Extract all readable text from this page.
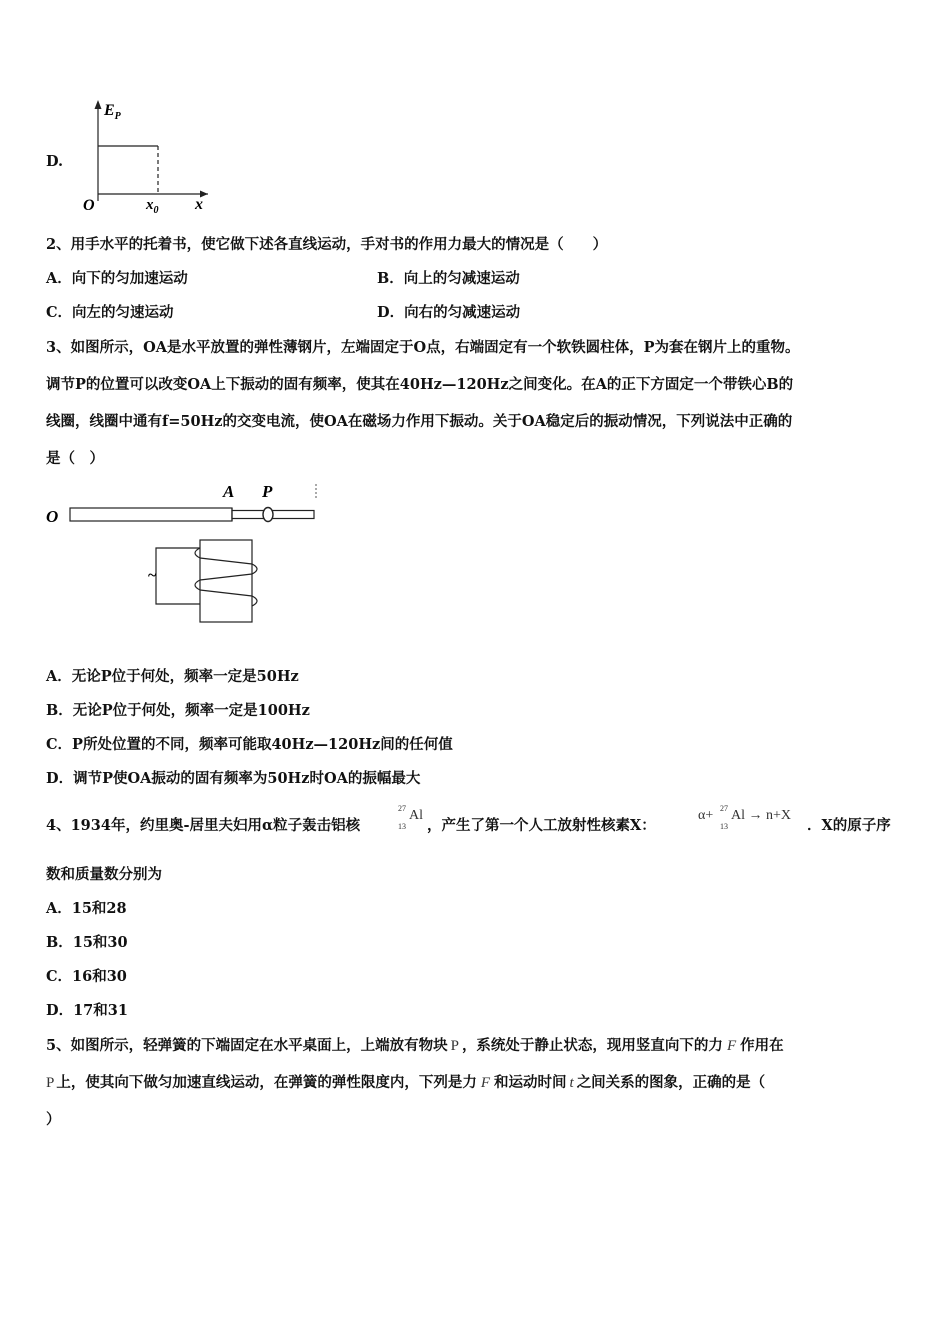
D.
$E_P$
O	$x_0$ x
2、用手水平的托着书，使它做下述各直线运动，手对书的作用力最大的情况是（　　）
A．向下的匀加速运动	B．向上的匀减速运动
C．向左的匀速运动	D．向右的匀减速运动
3、如图所示，OA是水平放置的弹性薄钢片，左端固定于O点，右端固定有一个软铁圆柱体，P为套在钢片上的重物。
调节P的位置可以改变OA上下振动的固有频率，使其在40Hz—120Hz之间变化。在A的正下方固定一个带铁心B的
线圈，线圈中通有f=50Hz的交变电流，使OA在磁场力作用下振动。关于OA稳定后的振动情况，下列说法中正确的
是（　）
O
A P
~
A．无论P位于何处，频率一定是50Hz
B．无论P位于何处，频率一定是100Hz
C．P所处位置的不同，频率可能取40Hz—120Hz间的任何值
D．调节P使OA振动的固有频率为50Hz时OA的振幅最大
4、1934年，约里奥-居里夫妇用α粒子轰击铝核
27
13
Al
，产生了第一个人工放射性核素X：
α+ 27
13
Al → n+X
．X的原子序
数和质量数分别为
A．15和28
B．15和30
C．16和30
D．17和31
5、如图所示，轻弹簧的下端固定在水平桌面上，上端放有物块 P ，系统处于静止状态，现用竖直向下的力 F 作用在
P 上，使其向下做匀加速直线运动，在弹簧的弹性限度内，下列是力 F 和运动时间 t 之间关系的图象，正确的是（
）
